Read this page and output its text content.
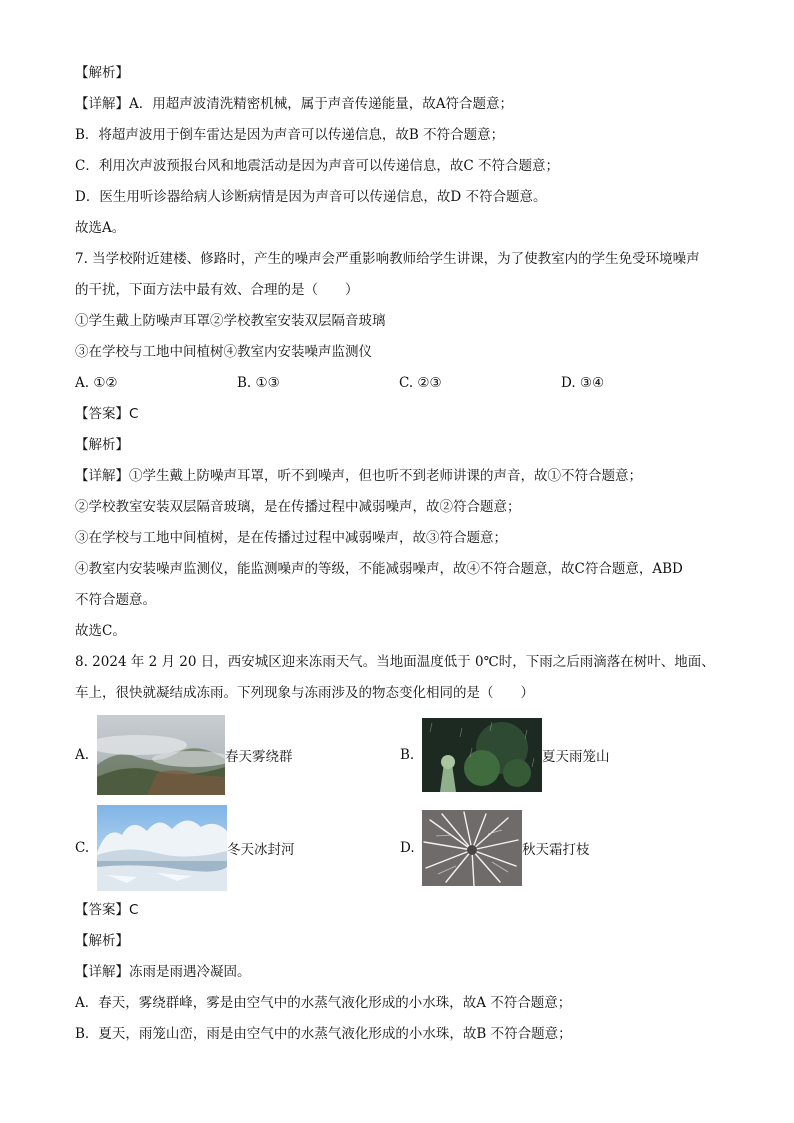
【解析】
【详解】A．用超声波清洗精密机械，属于声音传递能量，故A符合题意；
B．将超声波用于倒车雷达是因为声音可以传递信息，故B 不符合题意；
C．利用次声波预报台风和地震活动是因为声音可以传递信息，故C 不符合题意；
D．医生用听诊器给病人诊断病情是因为声音可以传递信息，故D 不符合题意。
故选A。
7. 当学校附近建楼、修路时，产生的噪声会严重影响教师给学生讲课，为了使教室内的学生免受环境噪声
的干扰，下面方法中最有效、合理的是（　　）
①学生戴上防噪声耳罩②学校教室安装双层隔音玻璃
③在学校与工地中间植树④教室内安装噪声监测仪
A. ①②	B. ①③	C. ②③	D. ③④
【答案】C
【解析】
【详解】①学生戴上防噪声耳罩，听不到噪声，但也听不到老师讲课的声音，故①不符合题意；
②学校教室安装双层隔音玻璃，是在传播过程中减弱噪声，故②符合题意；
③在学校与工地中间植树，是在传播过过程中减弱噪声，故③符合题意；
④教室内安装噪声监测仪，能监测噪声的等级，不能减弱噪声，故④不符合题意，故C符合题意，ABD
不符合题意。
故选C。
8. 2024 年 2 月 20 日，西安城区迎来冻雨天气。当地面温度低于 0℃时，下雨之后雨滴落在树叶、地面、
车上，很快就凝结成冻雨。下列现象与冻雨涉及的物态变化相同的是（　　）
A.	春天雾绕群	B.	夏天雨笼山
C.	冬天冰封河	D.	秋天霜打枝
【答案】C
【解析】
【详解】冻雨是雨遇冷凝固。
A．春天，雾绕群峰，雾是由空气中的水蒸气液化形成的小水珠，故A 不符合题意；
B．夏天，雨笼山峦，雨是由空气中的水蒸气液化形成的小水珠，故B 不符合题意；
